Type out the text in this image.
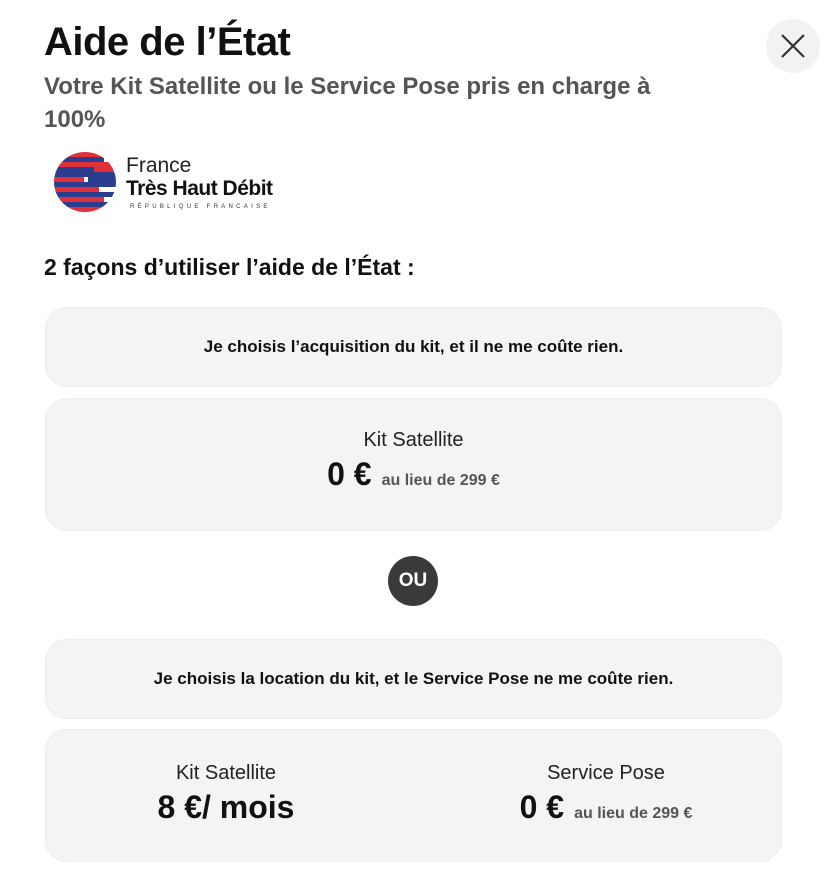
Aide de l’État
Votre Kit Satellite ou le Service Pose pris en charge à 100%
France
Très Haut Débit
RÉPUBLIQUE FRANCAISE
2 façons d’utiliser l’aide de l’État :
Je choisis l’acquisition du kit, et il ne me coûte rien.
Kit Satellite
0 € au lieu de 299 €
OU
Je choisis la location du kit, et le Service Pose ne me coûte rien.
Kit Satellite
8 €/ mois
Service Pose
0 € au lieu de 299 €
